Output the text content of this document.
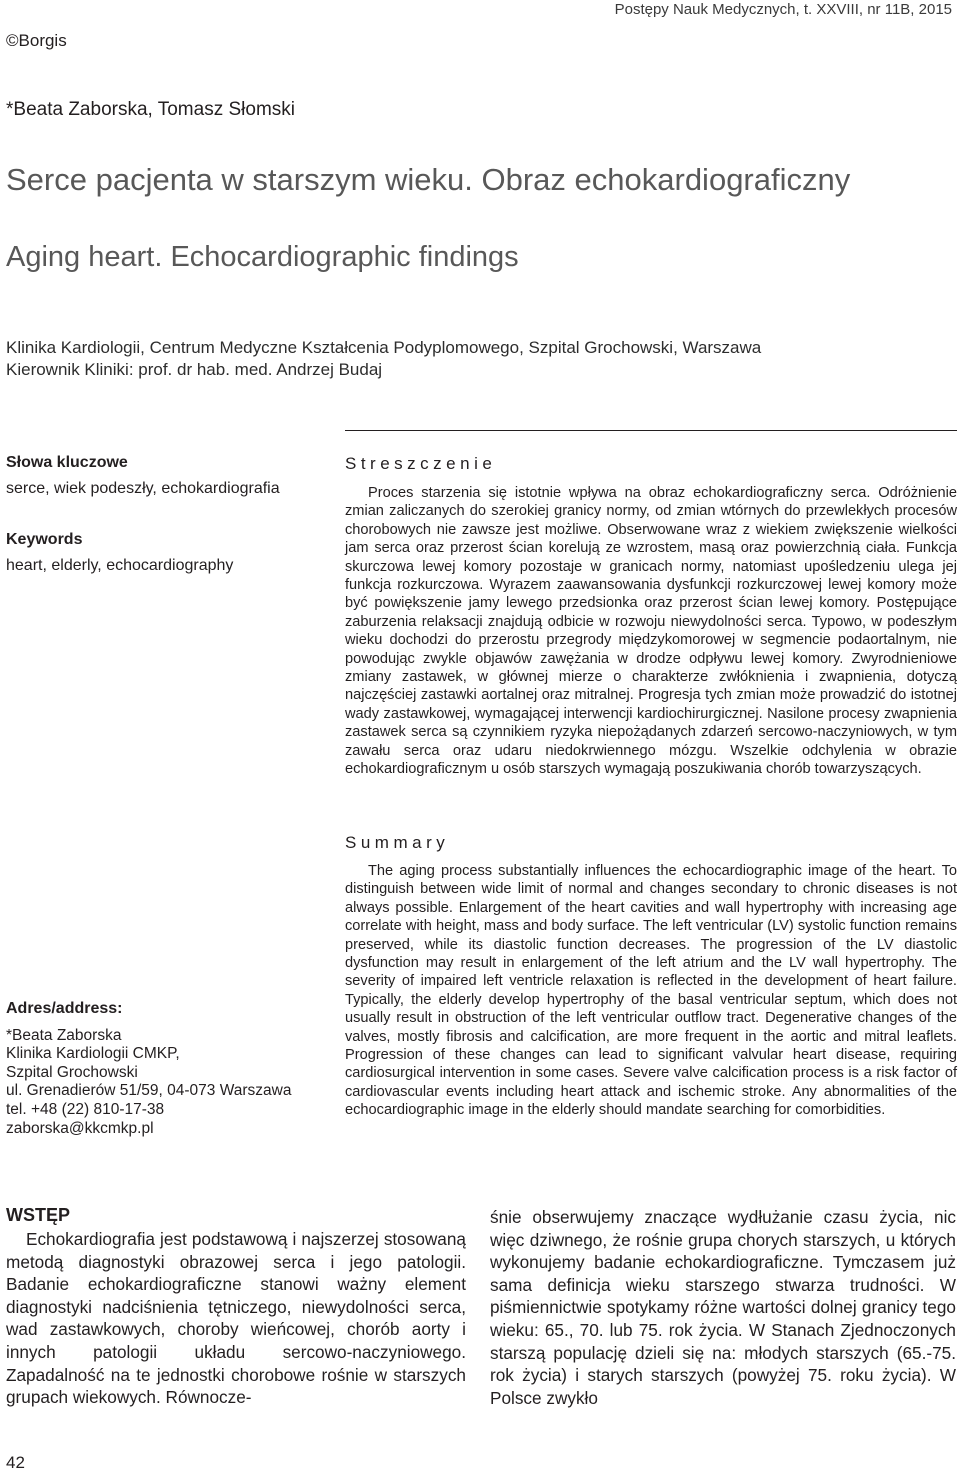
Postępy Nauk Medycznych, t. XXVIII, nr 11B, 2015
©Borgis
*Beata Zaborska, Tomasz Słomski
Serce pacjenta w starszym wieku. Obraz echokardiograficzny
Aging heart. Echocardiographic findings
Klinika Kardiologii, Centrum Medyczne Kształcenia Podyplomowego, Szpital Grochowski, Warszawa
Kierownik Kliniki: prof. dr hab. med. Andrzej Budaj
Słowa kluczowe
serce, wiek podeszły, echokardiografia
Keywords
heart, elderly, echocardiography
Streszczenie

Proces starzenia się istotnie wpływa na obraz echokardiograficzny serca. Odróżnienie zmian zaliczanych do szerokiej granicy normy, od zmian wtórnych do przewlekłych procesów chorobowych nie zawsze jest możliwe. Obserwowane wraz z wiekiem zwiększenie wielkości jam serca oraz przerost ścian korelują ze wzrostem, masą oraz powierzchnią ciała. Funkcja skurczowa lewej komory pozostaje w granicach normy, natomiast upośledzeniu ulega jej funkcja rozkurczowa. Wyrazem zaawansowania dysfunkcji rozkurczowej lewej komory może być powiększenie jamy lewego przedsionka oraz przerost ścian lewej komory. Postępujące zaburzenia relaksacji znajdują odbicie w rozwoju niewydolności serca. Typowo, w podeszłym wieku dochodzi do przerostu przegrody międzykomorowej w segmencie podaortalnym, nie powodując zwykle objawów zawężania w drodze odpływu lewej komory. Zwyrodnieniowe zmiany zastawek, w głównej mierze o charakterze zwłóknienia i zwapnienia, dotyczą najczęściej zastawki aortalnej oraz mitralnej. Progresja tych zmian może prowadzić do istotnej wady zastawkowej, wymagającej interwencji kardiochirurgicznej. Nasilone procesy zwapnienia zastawek serca są czynnikiem ryzyka niepożądanych zdarzeń sercowo-naczyniowych, w tym zawału serca oraz udaru niedokrwiennego mózgu. Wszelkie odchylenia w obrazie echokardiograficznym u osób starszych wymagają poszukiwania chorób towarzyszących.

Summary

The aging process substantially influences the echocardiographic image of the heart. To distinguish between wide limit of normal and changes secondary to chronic diseases is not always possible. Enlargement of the heart cavities and wall hypertrophy with increasing age correlate with height, mass and body surface. The left ventricular (LV) systolic function remains preserved, while its diastolic function decreases. The progression of the LV diastolic dysfunction may result in enlargement of the left atrium and the LV wall hypertrophy. The severity of impaired left ventricle relaxation is reflected in the development of heart failure. Typically, the elderly develop hypertrophy of the basal ventricular septum, which does not usually result in obstruction of the left ventricular outflow tract. Degenerative changes of the valves, mostly fibrosis and calcification, are more frequent in the aortic and mitral leaflets. Progression of these changes can lead to significant valvular heart disease, requiring cardiosurgical intervention in some cases. Severe valve calcification process is a risk factor of cardiovascular events including heart attack and ischemic stroke. Any abnormalities of the echocardiographic image in the elderly should mandate searching for comorbidities.

Adres/address:
*Beata Zaborska
Klinika Kardiologii CMKP,
Szpital Grochowski
ul. Grenadierów 51/59, 04-073 Warszawa
tel. +48 (22) 810-17-38
zaborska@kkcmkp.pl
WSTĘP
Echokardiografia jest podstawową i najszerzej stosowaną metodą diagnostyki obrazowej serca i jego patologii. Badanie echokardiograficzne stanowi ważny element diagnostyki nadciśnienia tętniczego, niewydolności serca, wad zastawkowych, choroby wieńcowej, chorób aorty i innych patologii układu sercowo-naczyniowego. Zapadalność na te jednostki chorobowe rośnie w starszych grupach wiekowych. Równocze-
śnie obserwujemy znaczące wydłużanie czasu życia, nic więc dziwnego, że rośnie grupa chorych starszych, u których wykonujemy badanie echokardiograficzne. Tymczasem już sama definicja wieku starszego stwarza trudności. W piśmiennictwie spotykamy różne wartości dolnej granicy tego wieku: 65., 70. lub 75. rok życia. W Stanach Zjednoczonych starszą populację dzieli się na: młodych starszych (65.-75. rok życia) i starych starszych (powyżej 75. roku życia). W Polsce zwykło
42
